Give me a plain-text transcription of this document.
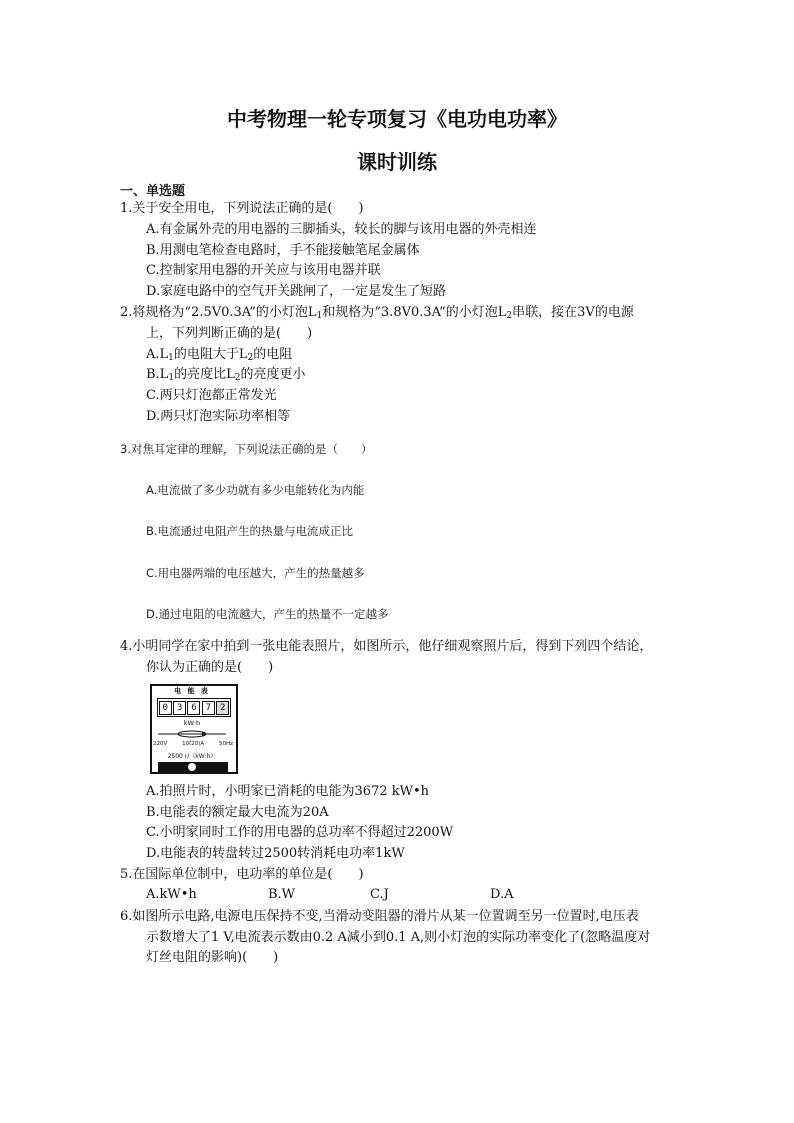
中考物理一轮专项复习《电功电功率》
课时训练
一、单选题
1.关于安全用电，下列说法正确的是(　　)
A.有金属外壳的用电器的三脚插头，较长的脚与该用电器的外壳相连
B.用测电笔检查电路时，手不能接触笔尾金属体
C.控制家用电器的开关应与该用电器并联
D.家庭电路中的空气开关跳闸了，一定是发生了短路
2.将规格为“2.5V0.3A”的小灯泡$L_1$和规格为“3.8V0.3A”的小灯泡$L_2$串联，接在3V的电源
上，下列判断正确的是(　　)
$A.L_1$的电阻大于$L_2$的电阻
$B.L_1$的亮度比$L_2$的亮度更小
C.两只灯泡都正常发光
D.两只灯泡实际功率相等
3.对焦耳定律的理解，下列说法正确的是（　　）
A.电流做了多少功就有多少电能转化为内能
B.电流通过电阻产生的热量与电流成正比
C.用电器两端的电压越大，产生的热量越多
D.通过电阻的电流越大，产生的热量不一定越多
4.小明同学在家中拍到一张电能表照片，如图所示，他仔细观察照片后，得到下列四个结论，
你认为正确的是(　　)
电 能 表
0 3 6 7 2
kW·h
220V	10(20)A	50Hz
2500 r/（kW·h）
A.拍照片时，小明家已消耗的电能为3672 kW•h
B.电能表的额定最大电流为20A
C.小明家同时工作的用电器的总功率不得超过2200W
D.电能表的转盘转过2500转消耗电功率1kW
5.在国际单位制中，电功率的单位是(　　)
A.kW•h	B.W	C.J	D.A
6.如图所示电路,电源电压保持不变,当滑动变阻器的滑片从某一位置调至另一位置时,电压表
示数增大了1 V,电流表示数由0.2 A减小到0.1 A,则小灯泡的实际功率变化了(忽略温度对
灯丝电阻的影响)(　　)
